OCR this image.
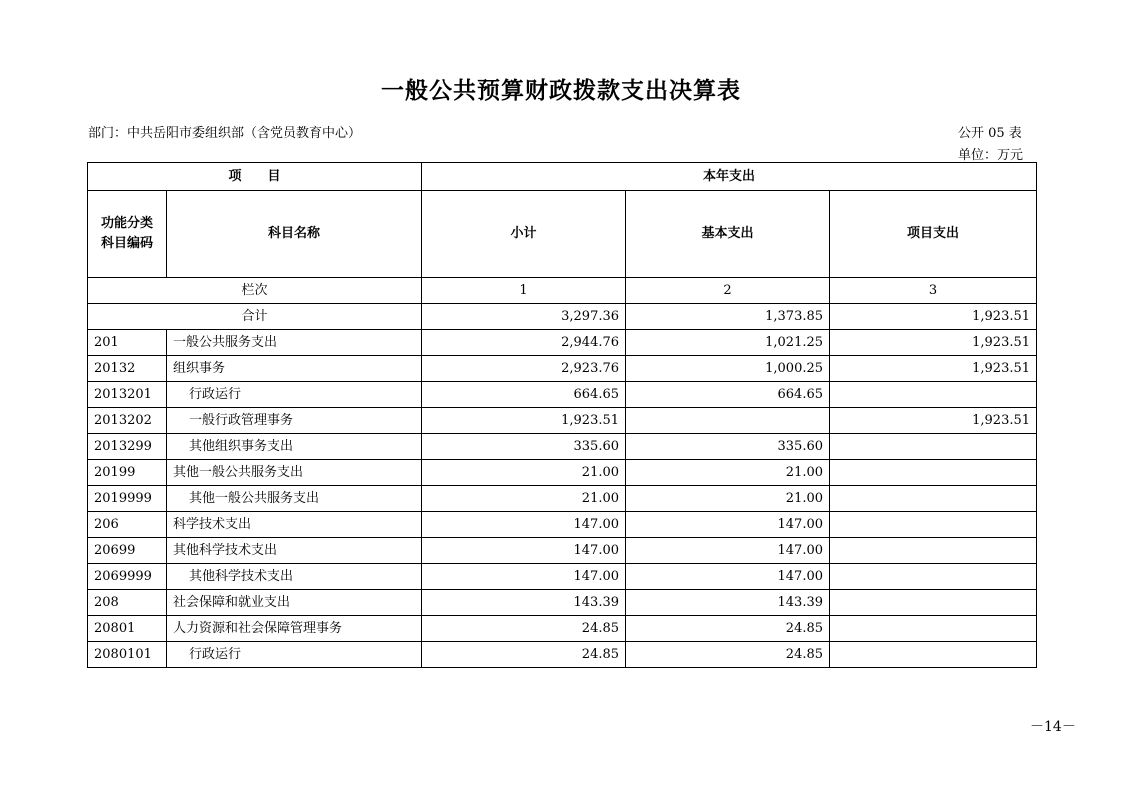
一般公共预算财政拨款支出决算表
部门：中共岳阳市委组织部（含党员教育中心）	公开 05 表
单位：万元
项　　目		本年支出		

功能分类科目编码	科目名称	小计	基本支出	项目支出
栏次		1	2	3
合计		3,297.36	1,373.85	1,923.51
201	一般公共服务支出	2,944.76	1,021.25	1,923.51
20132	组织事务	2,923.76	1,000.25	1,923.51
2013201	行政运行	664.65	664.65	
2013202	一般行政管理事务	1,923.51		1,923.51
2013299	其他组织事务支出	335.60	335.60	
20199	其他一般公共服务支出	21.00	21.00	
2019999	其他一般公共服务支出	21.00	21.00	
206	科学技术支出	147.00	147.00	
20699	其他科学技术支出	147.00	147.00	
2069999	其他科学技术支出	147.00	147.00	
208	社会保障和就业支出	143.39	143.39	
20801	人力资源和社会保障管理事务	24.85	24.85	
2080101	行政运行	24.85	24.85	
－14－
